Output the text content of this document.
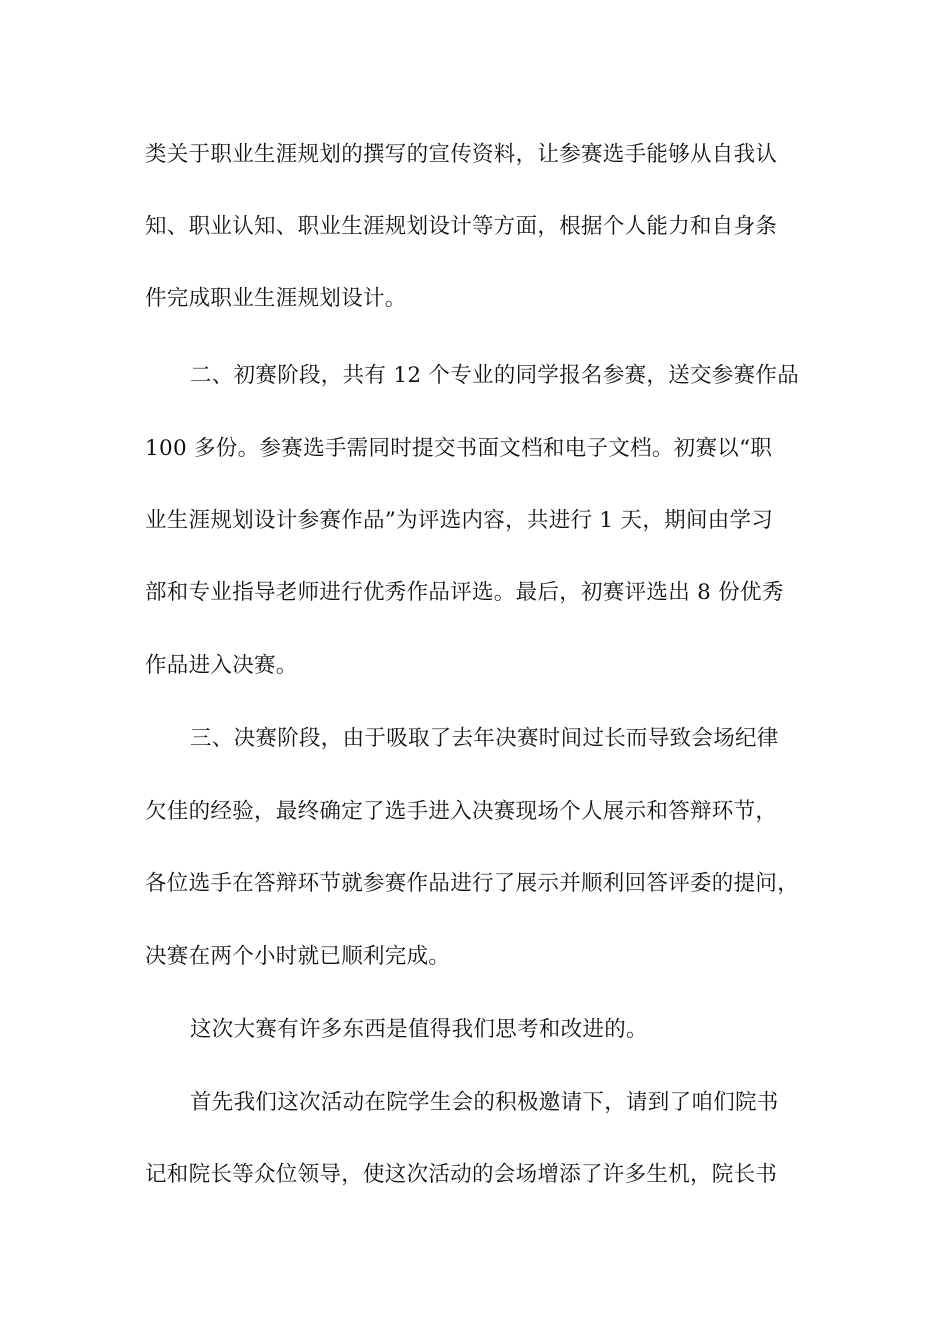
类关于职业生涯规划的撰写的宣传资料，让参赛选手能够从自我认
知、职业认知、职业生涯规划设计等方面，根据个人能力和自身条
件完成职业生涯规划设计。
二、初赛阶段，共有 12 个专业的同学报名参赛，送交参赛作品
100 多份。参赛选手需同时提交书面文档和电子文档。初赛以“职
业生涯规划设计参赛作品”为评选内容，共进行 1 天，期间由学习
部和专业指导老师进行优秀作品评选。最后，初赛评选出 8 份优秀
作品进入决赛。
三、决赛阶段，由于吸取了去年决赛时间过长而导致会场纪律
欠佳的经验，最终确定了选手进入决赛现场个人展示和答辩环节，
各位选手在答辩环节就参赛作品进行了展示并顺利回答评委的提问，
决赛在两个小时就已顺利完成。
这次大赛有许多东西是值得我们思考和改进的。
首先我们这次活动在院学生会的积极邀请下，请到了咱们院书
记和院长等众位领导，使这次活动的会场增添了许多生机，院长书
